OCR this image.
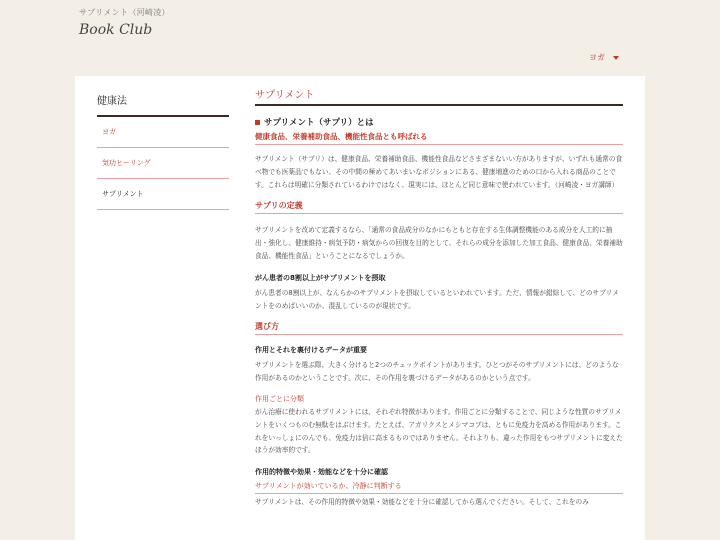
サプリメント（河崎凌）
Book Club
ヨガ
健康法
ヨガ
気功ヒーリング
サプリメント
サプリメント
サプリメント（サプリ）とは
健康食品、栄養補助食品、機能性食品とも呼ばれる

サプリメント（サプリ）は、健康食品、栄養補助食品、機能性食品などさまざまないい方がありますが、いずれも通常の食べ物でも医薬品でもない、その中間の極めてあいまいなポジションにある、健康増進のための口から入れる商品のことです。これらは明確に分類されているわけではなく、現実には、ほとんど同じ意味で使われています。（河崎凌・ヨガ講師）

サプリの定義

サプリメントを改めて定義するなら、「通常の食品成分のなかにもともと存在する生体調整機能のある成分を人工的に抽出・強化し、健康維持・病気予防・病気からの回復を目的として、それらの成分を添加した加工食品、健康食品、栄養補助食品、機能性食品」ということになるでしょうか。

がん患者の8割以上がサプリメントを摂取

がん患者の8割以上が、なんらかのサプリメントを摂取しているといわれています。ただ、情報が錯綜して、どのサプリメントをのめばいいのか、混乱しているのが現状です。

選び方
作用とそれを裏付けるデータが重要

サプリメントを選ぶ際、大きく分けると2つのチェックポイントがあります。ひとつがそのサプリメントには、どのような作用があるのかということです。次に、その作用を裏づけるデータがあるのかという点です。

作用ごとに分類

がん治療に使われるサプリメントには、それぞれ特徴があります。作用ごとに分類することで、同じような性質のサプリメントをいくつものむ無駄をはぶけます。たとえば、アガリクスとメシマコブは、ともに免疫力を高める作用があります。これをいっしょにのんでも、免疫力は倍に高まるものではありません。それよりも、違った作用をもつサプリメントに変えたほうが効率的です。

作用的特徴や効果・効能などを十分に確認
サプリメントが効いているか、冷静に判断する

サプリメントは、その作用的特徴や効果・効能などを十分に確認してから選んでください。そして、これをのみ
